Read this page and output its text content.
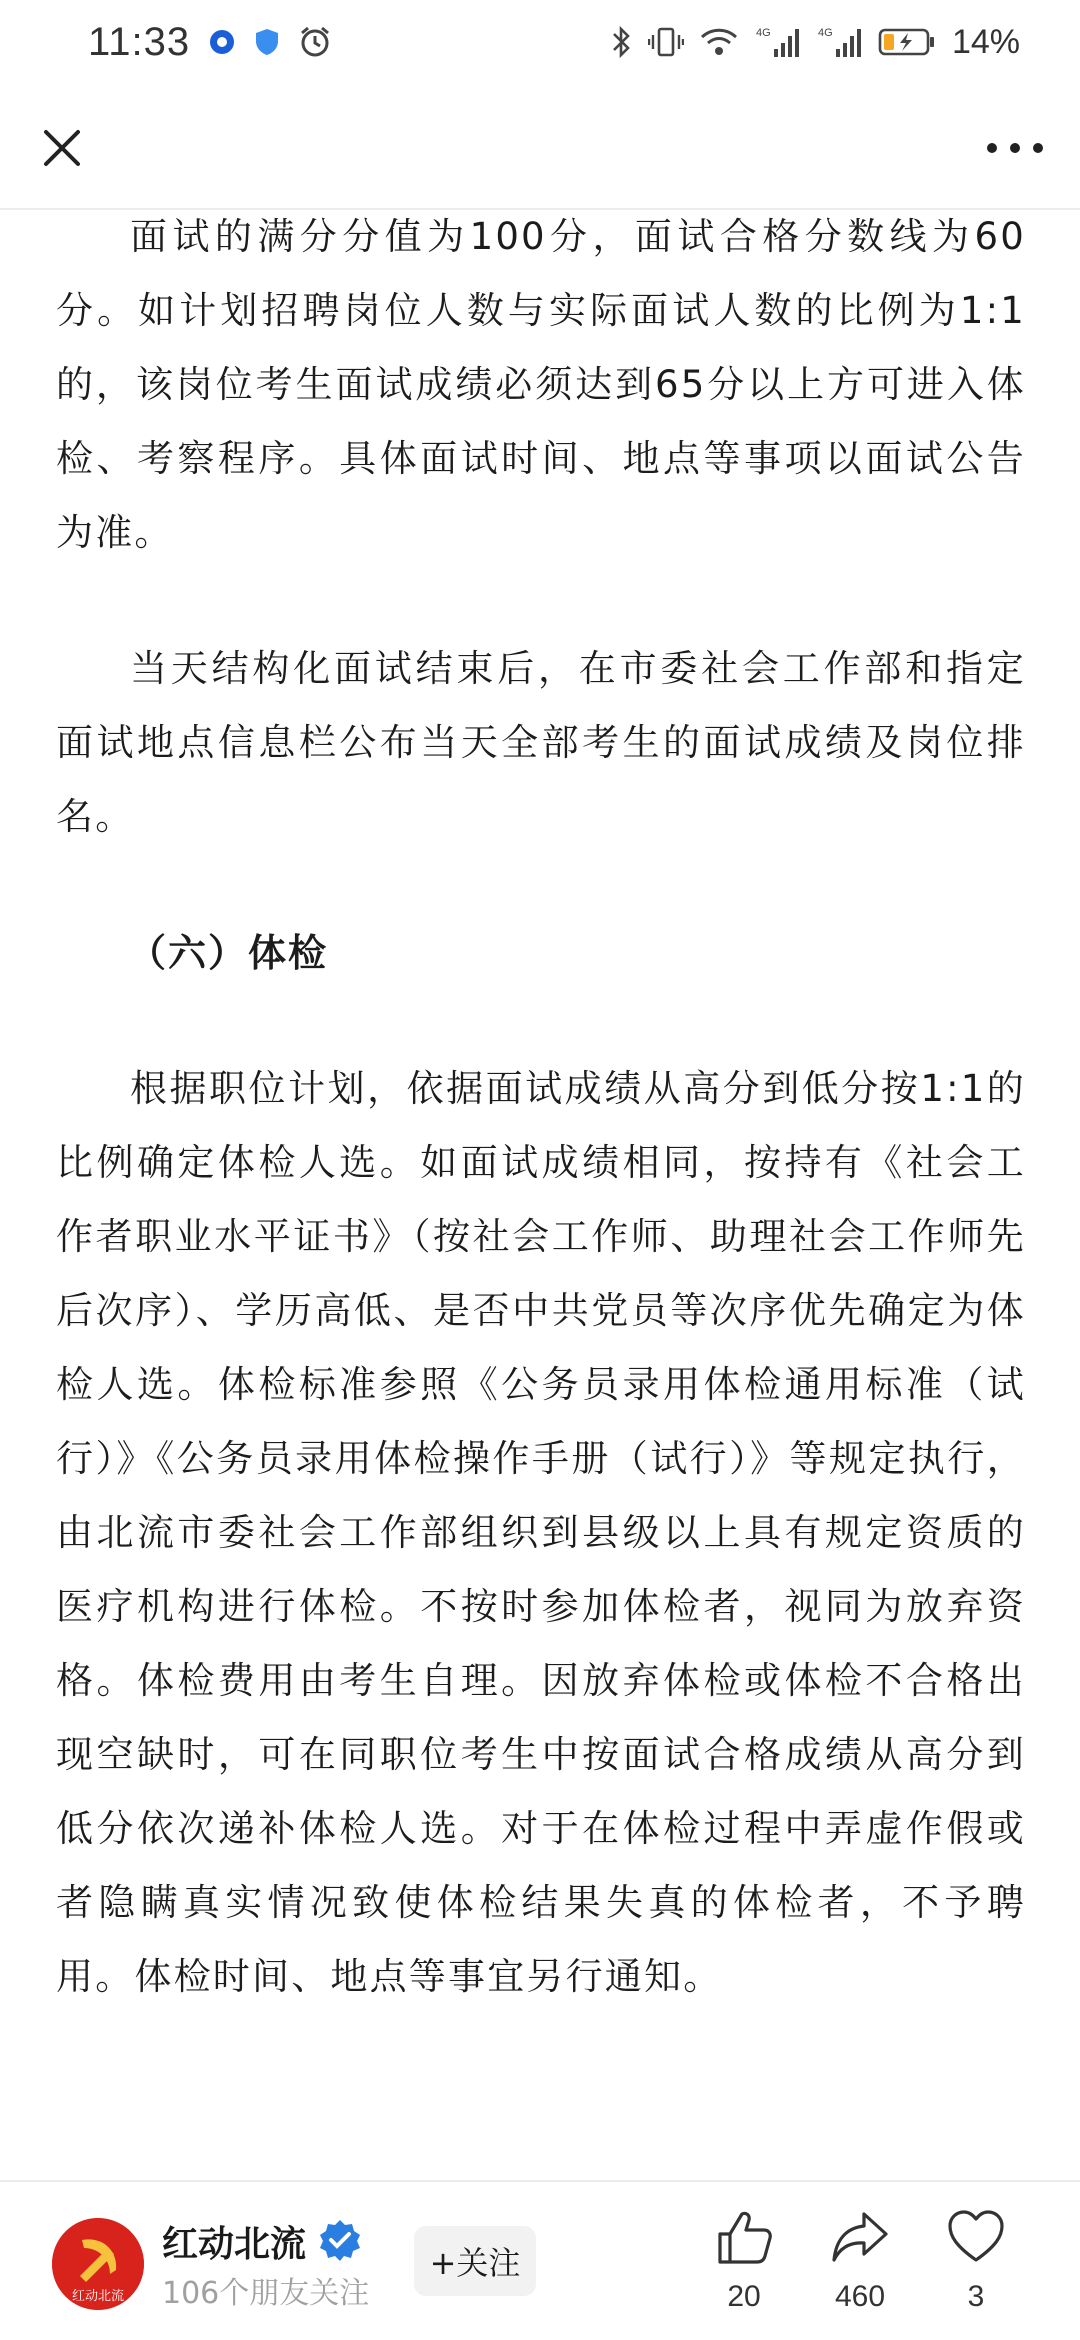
11:33	4G	4G	14%

面试的满分分值为100分，面试合格分数线为60分。如计划招聘岗位人数与实际面试人数的比例为1:1的，该岗位考生面试成绩必须达到65分以上方可进入体检、考察程序。具体面试时间、地点等事项以面试公告为准。

当天结构化面试结束后，在市委社会工作部和指定面试地点信息栏公布当天全部考生的面试成绩及岗位排名。

（六）体检

根据职位计划，依据面试成绩从高分到低分按1:1的比例确定体检人选。如面试成绩相同，按持有《社会工作者职业水平证书》（按社会工作师、助理社会工作师先后次序）、学历高低、是否中共党员等次序优先确定为体检人选。体检标准参照《公务员录用体检通用标准（试行）》《公务员录用体检操作手册（试行）》等规定执行，由北流市委社会工作部组织到县级以上具有规定资质的医疗机构进行体检。不按时参加体检者，视同为放弃资格。体检费用由考生自理。因放弃体检或体检不合格出现空缺时，可在同职位考生中按面试合格成绩从高分到低分依次递补体检人选。对于在体检过程中弄虚作假或者隐瞒真实情况致使体检结果失真的体检者，不予聘用。体检时间、地点等事宜另行通知。

红动北流
红动北流
106个朋友关注
+关注
20	460	3
